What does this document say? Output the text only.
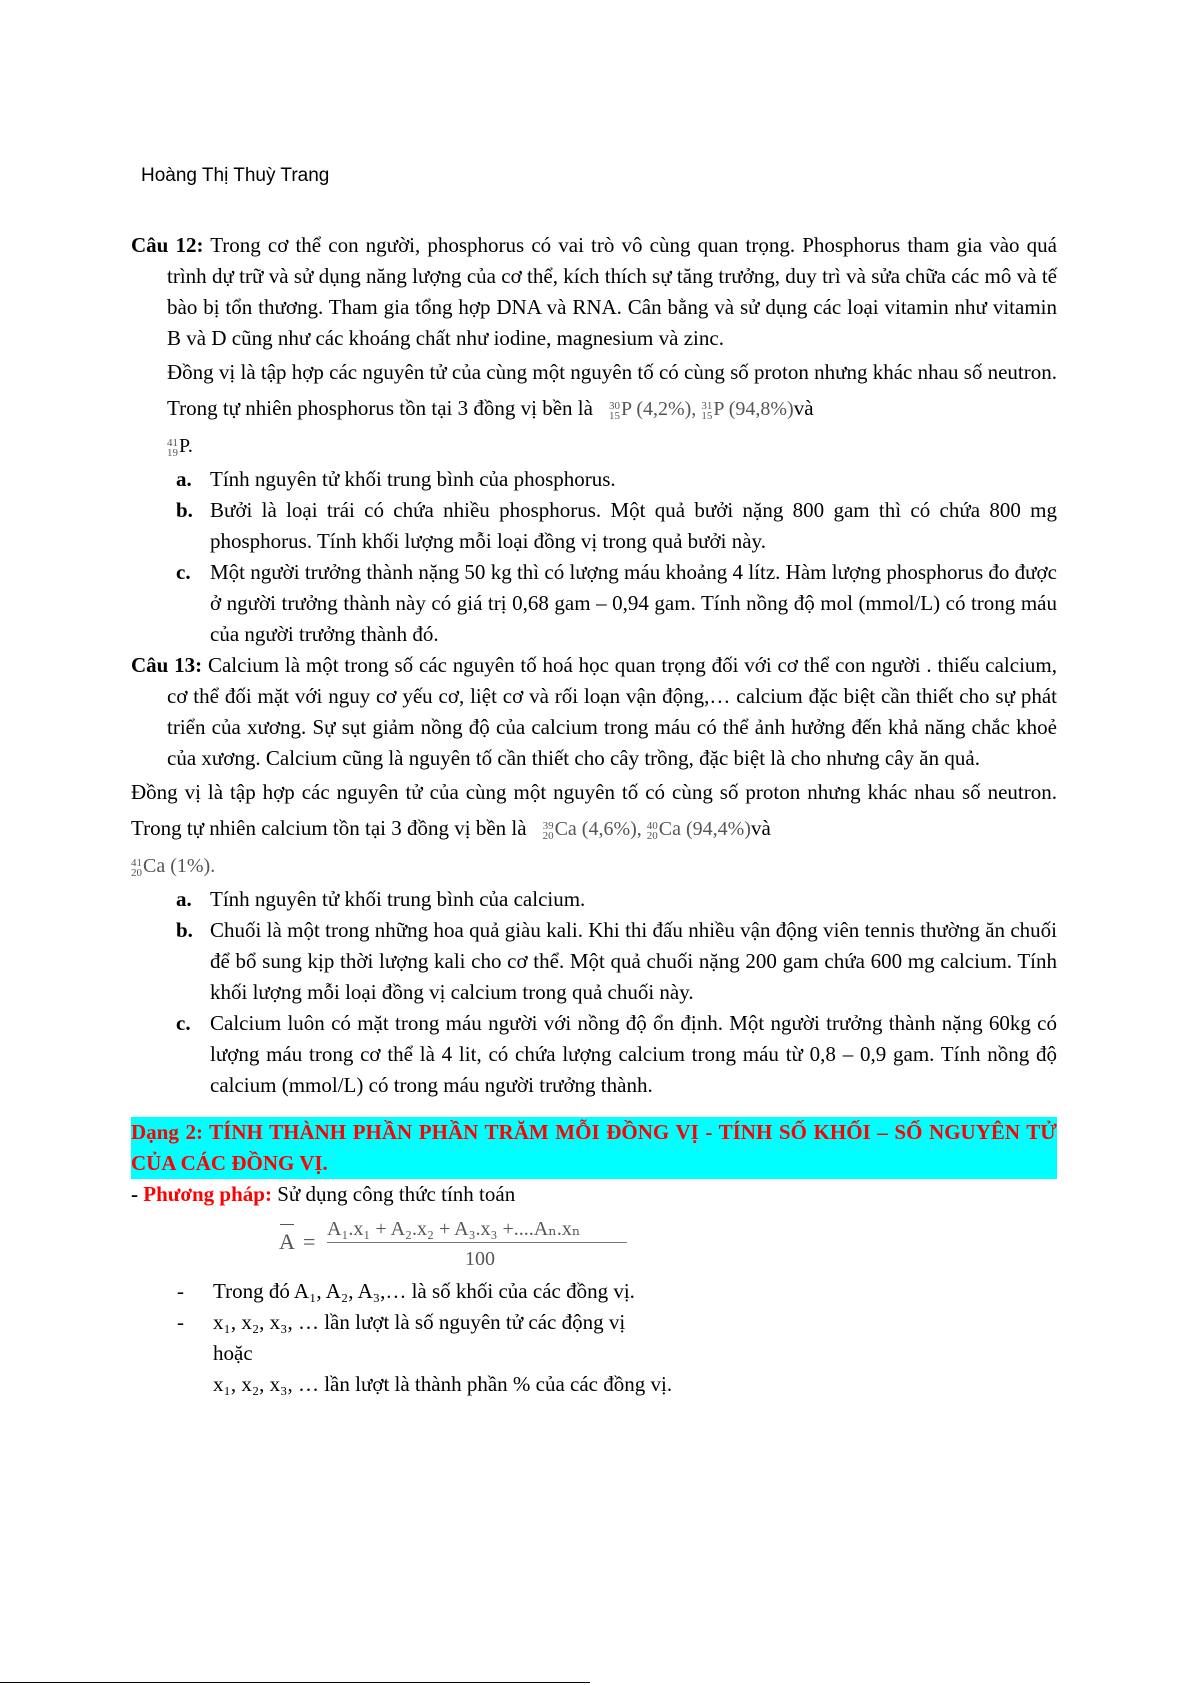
Hoàng Thị Thuỳ Trang

Câu 12: Trong cơ thể con người, phosphorus có vai trò vô cùng quan trọng. Phosphorus tham gia vào quá trình dự trữ và sử dụng năng lượng của cơ thể, kích thích sự tăng trưởng, duy trì và sửa chữa các mô và tế bào bị tổn thương. Tham gia tổng hợp DNA và RNA. Cân bằng và sử dụng các loại vitamin như vitamin B và D cũng như các khoáng chất như iodine, magnesium và zinc.

Đồng vị là tập hợp các nguyên tử của cùng một nguyên tố có cùng số proton nhưng khác nhau số neutron. Trong tự nhiên phosphorus tồn tại 3 đồng vị bền là 30
15 P (4,2%), 31
15 P (94,8%)và

41
19 P.

a. Tính nguyên tử khối trung bình của phosphorus.
b. Bưởi là loại trái có chứa nhiều phosphorus. Một quả bưởi nặng 800 gam thì có chứa 800 mg phosphorus. Tính khối lượng mỗi loại đồng vị trong quả bưởi này.
c. Một người trưởng thành nặng 50 kg thì có lượng máu khoảng 4 lítz. Hàm lượng phosphorus đo được ở người trưởng thành này có giá trị 0,68 gam – 0,94 gam. Tính nồng độ mol (mmol/L) có trong máu của người trưởng thành đó.

Câu 13: Calcium là một trong số các nguyên tố hoá học quan trọng đối với cơ thể con người . thiếu calcium, cơ thể đối mặt với nguy cơ yếu cơ, liệt cơ và rối loạn vận động,… calcium đặc biệt cần thiết cho sự phát triển của xương. Sự sụt giảm nồng độ của calcium trong máu có thể ảnh hưởng đến khả năng chắc khoẻ của xương. Calcium cũng là nguyên tố cần thiết cho cây trồng, đặc biệt là cho nhưng cây ăn quả.

Đồng vị là tập hợp các nguyên tử của cùng một nguyên tố có cùng số proton nhưng khác nhau số neutron. Trong tự nhiên calcium tồn tại 3 đồng vị bền là 39
20 Ca (4,6%), 40
20 Ca (94,4%)và

41
20 Ca (1%).

a. Tính nguyên tử khối trung bình của calcium.
b. Chuối là một trong những hoa quả giàu kali. Khi thi đấu nhiều vận động viên tennis thường ăn chuối để bổ sung kịp thời lượng kali cho cơ thể. Một quả chuối nặng 200 gam chứa 600 mg calcium. Tính khối lượng mỗi loại đồng vị calcium trong quả chuối này.
c. Calcium luôn có mặt trong máu người với nồng độ ổn định. Một người trưởng thành nặng 60kg có lượng máu trong cơ thể là 4 lit, có chứa lượng calcium trong máu từ 0,8 – 0,9 gam. Tính nồng độ calcium (mmol/L) có trong máu người trưởng thành.

Dạng 2: TÍNH THÀNH PHẦN PHẦN TRĂM MỖI ĐỒNG VỊ - TÍNH SỐ KHỐI – SỐ NGUYÊN TỬ CỦA CÁC ĐỒNG VỊ.

- Phương pháp: Sử dụng công thức tính toán

A = A₁.x₁ + A₂.x₂ + A₃.x₃ +....Aₙ.xₙ
100
- Trong đó A₁, A₂, A₃,… là số khối của các đồng vị.
- x₁, x₂, x₃, … lần lượt là số nguyên tử các động vị
hoặc
x₁, x₂, x₃, … lần lượt là thành phần % của các đồng vị.
